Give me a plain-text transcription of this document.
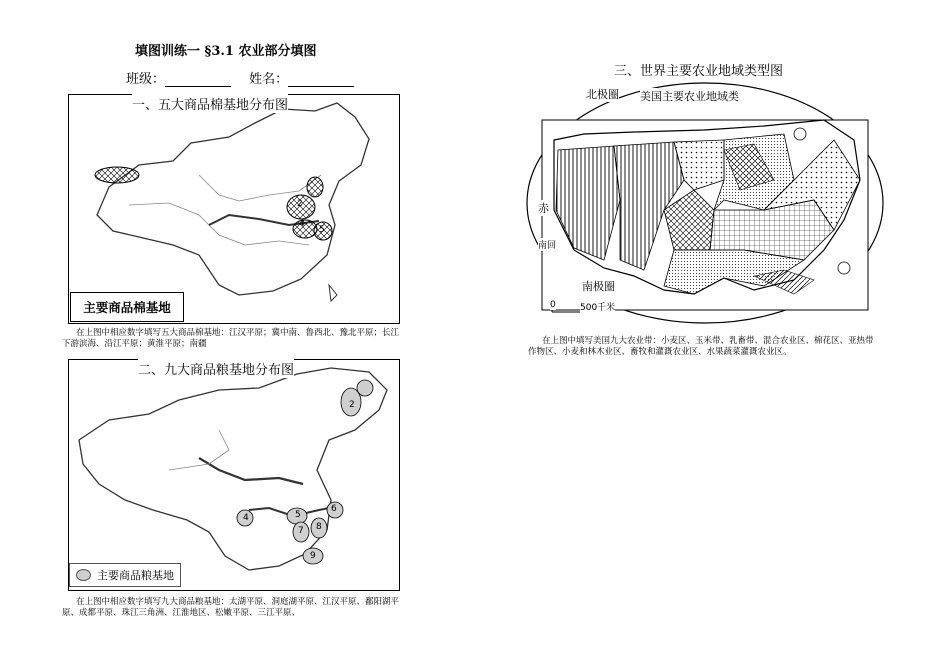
填图训练一 §3.1 农业部分填图
班级：	姓名：
4
5
2
一、五大商品棉基地分布图
主要商品棉基地
在上图中相应数字填写五大商品棉基地：江汉平原；冀中南、鲁西北、豫北平原；长江下游滨海、沿江平原；黄淮平原；南疆
2
4	5
6
7 8
9
二、九大商品粮基地分布图
主要商品粮基地
在上图中相应数字填写九大商品粮基地：太湖平原、洞庭湖平原、江汉平原、鄱阳湖平原、成都平原、珠江三角洲、江淮地区、松嫩平原、三江平原、
三、世界主要农业地域类型图
北极圈 美国主要农业地域类
赤
南回
南极圈
0	500千米
在上图中填写美国九大农业带：小麦区、玉米带、乳畜带、混合农业区、棉花区、亚热带作物区、小麦和林木业区、畜牧和灌溉农业区、水果蔬菜灌溉农业区。
